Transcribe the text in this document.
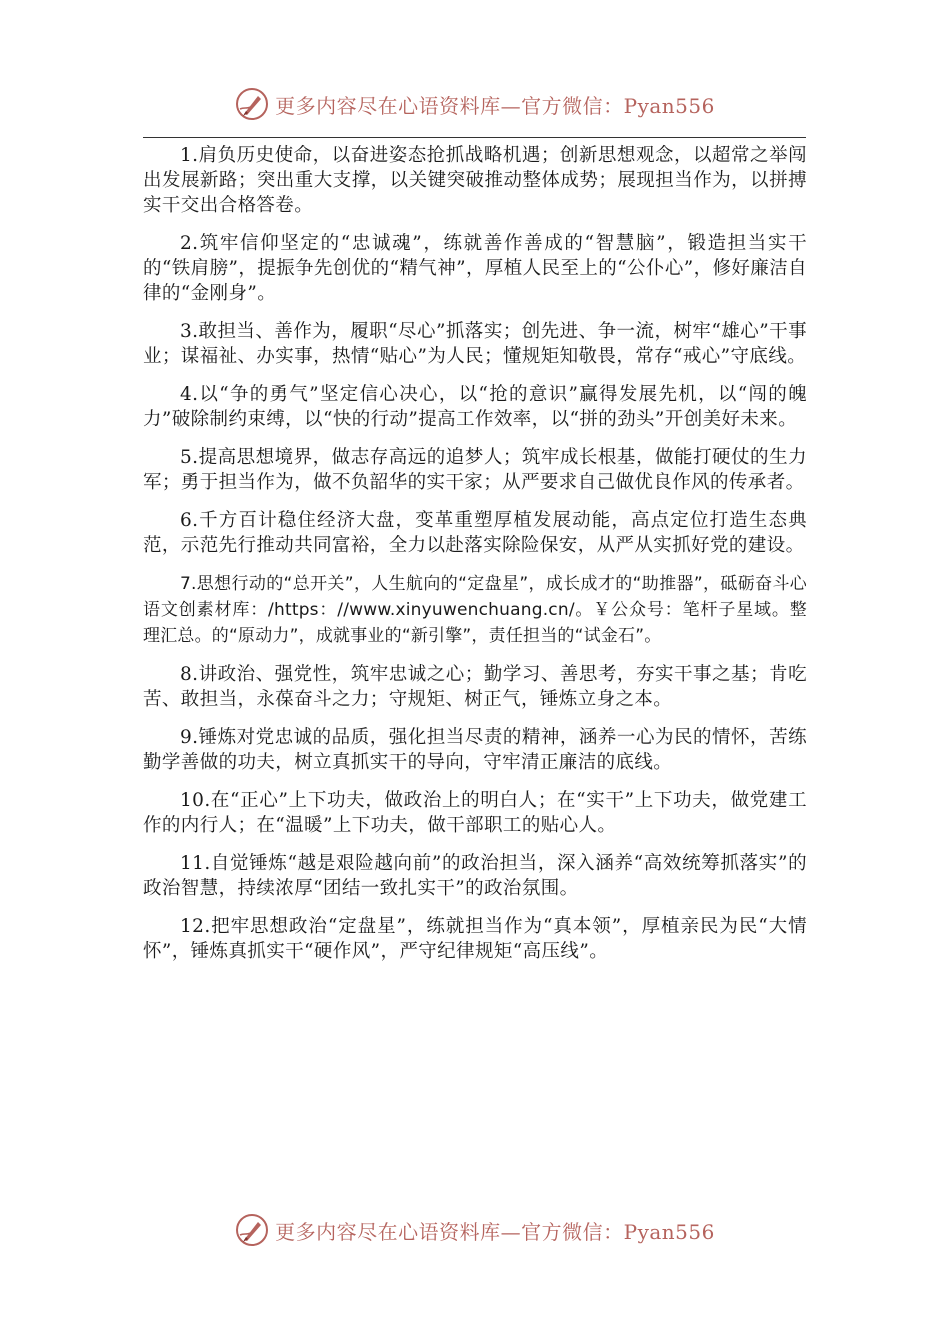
更多内容尽在心语资料库—官方微信：Pyan556

1.肩负历史使命，以奋进姿态抢抓战略机遇；创新思想观念，以超常之举闯出发展新路；突出重大支撑，以关键突破推动整体成势；展现担当作为，以拼搏实干交出合格答卷。

2.筑牢信仰坚定的“忠诚魂”，练就善作善成的“智慧脑”，锻造担当实干的“铁肩膀”，提振争先创优的“精气神”，厚植人民至上的“公仆心”，修好廉洁自律的“金刚身”。

3.敢担当、善作为，履职“尽心”抓落实；创先进、争一流，树牢“雄心”干事业；谋福祉、办实事，热情“贴心”为人民；懂规矩知敬畏，常存“戒心”守底线。

4.以“争的勇气”坚定信心决心，以“抢的意识”赢得发展先机，以“闯的魄力”破除制约束缚，以“快的行动”提高工作效率，以“拼的劲头”开创美好未来。

5.提高思想境界，做志存高远的追梦人；筑牢成长根基，做能打硬仗的生力军；勇于担当作为，做不负韶华的实干家；从严要求自己做优良作风的传承者。

6.千方百计稳住经济大盘，变革重塑厚植发展动能，高点定位打造生态典范，示范先行推动共同富裕，全力以赴落实除险保安，从严从实抓好党的建设。

7.思想行动的“总开关”，人生航向的“定盘星”，成长成才的“助推器”，砥砺奋斗心语文创素材库：/https：//www.xinyuwenchuang.cn/。￥公众号：笔杆子星域。整理汇总。的“原动力”，成就事业的“新引擎”，责任担当的“试金石”。

8.讲政治、强党性，筑牢忠诚之心；勤学习、善思考，夯实干事之基；肯吃苦、敢担当，永葆奋斗之力；守规矩、树正气，锤炼立身之本。

9.锤炼对党忠诚的品质，强化担当尽责的精神，涵养一心为民的情怀，苦练勤学善做的功夫，树立真抓实干的导向，守牢清正廉洁的底线。

10.在“正心”上下功夫，做政治上的明白人；在“实干”上下功夫，做党建工作的内行人；在“温暖”上下功夫，做干部职工的贴心人。

11.自觉锤炼“越是艰险越向前”的政治担当，深入涵养“高效统筹抓落实”的政治智慧，持续浓厚“团结一致扎实干”的政治氛围。

12.把牢思想政治“定盘星”，练就担当作为“真本领”，厚植亲民为民“大情怀”，锤炼真抓实干“硬作风”，严守纪律规矩“高压线”。

更多内容尽在心语资料库—官方微信：Pyan556
